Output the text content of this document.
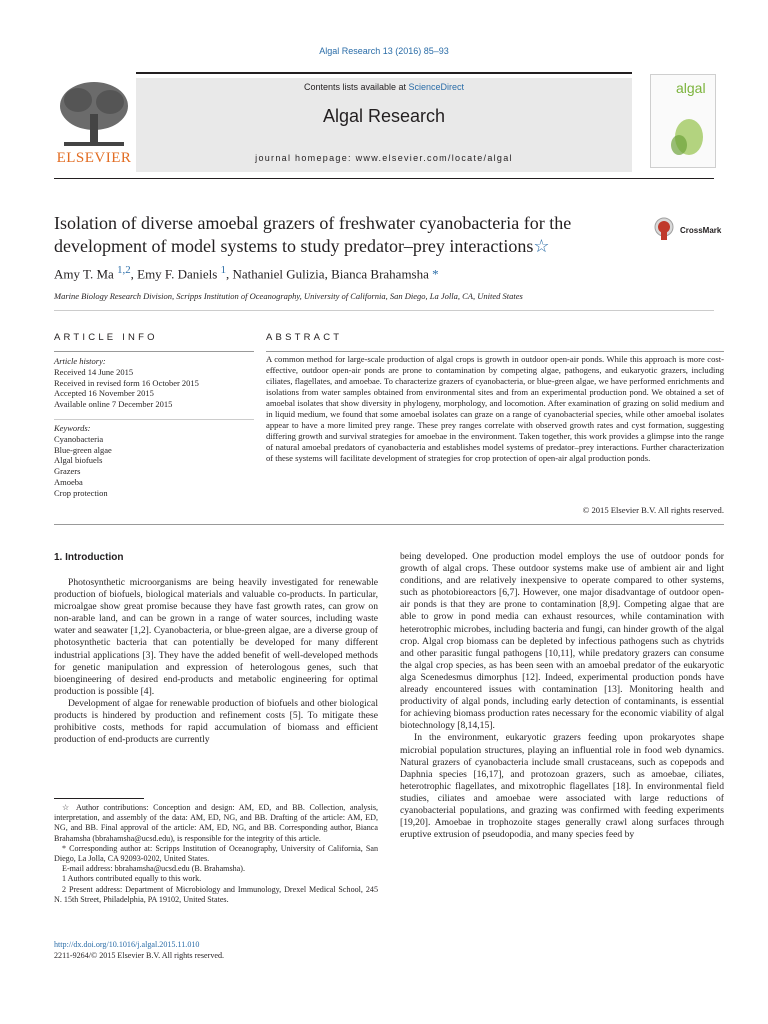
Algal Research 13 (2016) 85–93
ELSEVIER
Contents lists available at ScienceDirect
Algal Research
journal homepage: www.elsevier.com/locate/algal
algal
Isolation of diverse amoebal grazers of freshwater cyanobacteria for the development of model systems to study predator–prey interactions☆
CrossMark
Amy T. Ma $^{1,2}$, Emy F. Daniels $^1$, Nathaniel Gulizia, Bianca Brahamsha *
Marine Biology Research Division, Scripps Institution of Oceanography, University of California, San Diego, La Jolla, CA, United States
ARTICLE INFO	ABSTRACT
Article history:
Received 14 June 2015
Received in revised form 16 October 2015
Accepted 16 November 2015
Available online 7 December 2015
Keywords:
Cyanobacteria
Blue-green algae
Algal biofuels
Grazers
Amoeba
Crop protection
A common method for large-scale production of algal crops is growth in outdoor open-air ponds. While this approach is more cost-effective, outdoor open-air ponds are prone to contamination by competing algae, pathogens, and eukaryotic grazers, including ciliates, flagellates, and amoebae. To characterize grazers of cyanobacteria, or blue-green algae, we have performed enrichments and isolations from water samples obtained from environmental sites and from an experimental production pond. We obtained a set of amoebal isolates that show diversity in phylogeny, morphology, and locomotion. After examination of grazing on solid medium and in liquid medium, we found that some amoebal isolates can graze on a range of cyanobacterial species, while other amoebal isolates appear to have a more limited prey range. These prey ranges correlate with observed growth rates and cyst formation, suggesting differing growth and survival strategies for amoebae in the environment. Taken together, this work provides a glimpse into the range of natural amoebal predators of cyanobacteria and establishes model systems of predator–prey interactions. Further characterization of these systems will facilitate development of strategies for crop protection of open-air algal production ponds.
© 2015 Elsevier B.V. All rights reserved.
1. Introduction

Photosynthetic microorganisms are being heavily investigated for renewable production of biofuels, biological materials and valuable co-products. In particular, microalgae show great promise because they have fast growth rates, can grow on non-arable land, and can be grown in a range of water sources, including waste water and seawater [1,2]. Cyanobacteria, or blue-green algae, are a diverse group of photosynthetic bacteria that can potentially be developed for many different industrial applications [3]. They have the added benefit of well-developed methods for genetic manipulation and expression of heterologous genes, such that bioengineering of desired end-products and metabolic engineering for optimal production is possible [4].

Development of algae for renewable production of biofuels and other biological products is hindered by production and refinement costs [5]. To mitigate these prohibitive costs, methods for rapid accumulation of biomass and efficient production of end-products are currently

being developed. One production model employs the use of outdoor ponds for growth of algal crops. These outdoor systems make use of ambient air and light conditions, and are relatively inexpensive to operate compared to other systems, such as photobioreactors [6,7]. However, one major disadvantage of outdoor open-air ponds is that they are prone to contamination [8,9]. Competing algae that are able to grow in pond media can exhaust resources, while contamination with heterotrophic microbes, including bacteria and fungi, can hinder growth of the algal crop. Algal crop biomass can be depleted by infectious pathogens such as chytrids and other parasitic fungal pathogens [10,11], while predatory grazers can consume the algal crop species, as has been seen with an amoebal predator of the eukaryotic alga Scenedesmus dimorphus [12]. Indeed, experimental production ponds have already encountered issues with contamination [13]. Monitoring health and productivity of algal ponds, including early detection of contaminants, is essential for achieving biomass production rates necessary for the economic viability of algal biotechnology [8,14,15].

In the environment, eukaryotic grazers feeding upon prokaryotes shape microbial population structures, playing an influential role in food web dynamics. Natural grazers of cyanobacteria include small crustaceans, such as copepods and Daphnia species [16,17], and protozoan grazers, such as amoebae, ciliates, heterotrophic flagellates, and mixotrophic flagellates [18]. In environmental field studies, ciliates and amoebae were associated with large reductions of cyanobacterial populations, and grazing was confirmed with feeding experiments [19,20]. Amoebae in trophozoite stages generally crawl along surfaces through eruptive extrusion of pseudopodia, and many species feed by

☆ Author contributions: Conception and design: AM, ED, and BB. Collection, analysis, interpretation, and assembly of the data: AM, ED, NG, and BB. Drafting of the article: AM, ED, NG, and BB. Final approval of the article: AM, ED, NG, and BB. Corresponding author, Bianca Brahamsha (bbrahamsha@ucsd.edu), is responsible for the integrity of this article.

* Corresponding author at: Scripps Institution of Oceanography, University of California, San Diego, La Jolla, CA 92093-0202, United States.

E-mail address: bbrahamsha@ucsd.edu (B. Brahamsha).

1 Authors contributed equally to this work.

2 Present address: Department of Microbiology and Immunology, Drexel Medical School, 245 N. 15th Street, Philadelphia, PA 19102, United States.

http://dx.doi.org/10.1016/j.algal.2015.11.010
2211-9264/© 2015 Elsevier B.V. All rights reserved.
